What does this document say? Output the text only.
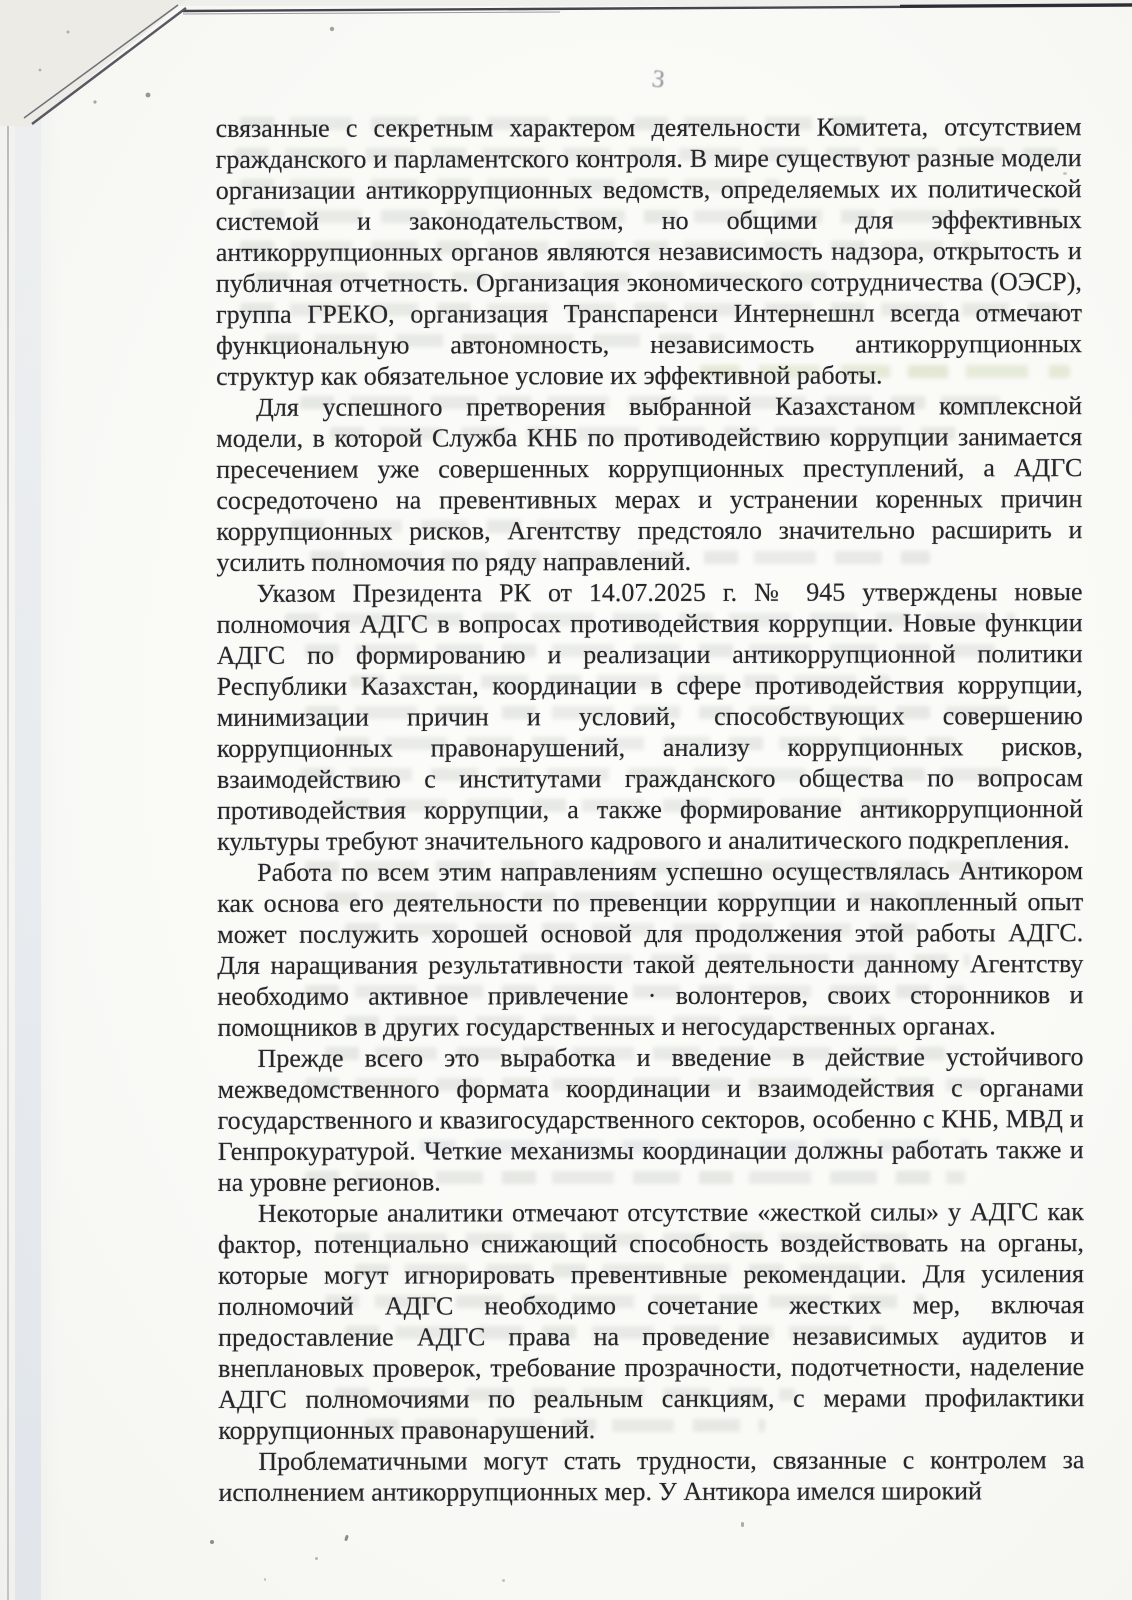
3

связанные с секретным характером деятельности Комитета, отсутствием гражданского и парламентского контроля. В мире существуют разные модели организации антикоррупционных ведомств, определяемых их политической системой и законодательством, но общими для эффективных антикоррупционных органов являются независимость надзора, открытость и публичная отчетность. Организация экономического сотрудничества (ОЭСР), группа ГРЕКО, организация Транспаренси Интернешнл всегда отмечают функциональную автономность, независимость антикоррупционных структур как обязательное условие их эффективной работы.

Для успешного претворения выбранной Казахстаном комплексной модели, в которой Служба КНБ по противодействию коррупции занимается пресечением уже совершенных коррупционных преступлений, а АДГС сосредоточено на превентивных мерах и устранении коренных причин коррупционных рисков, Агентству предстояло значительно расширить и усилить полномочия по ряду направлений.

Указом Президента РК от 14.07.2025 г. № 945 утверждены новые полномочия АДГС в вопросах противодействия коррупции. Новые функции АДГС по формированию и реализации антикоррупционной политики Республики Казахстан, координации в сфере противодействия коррупции, минимизации причин и условий, способствующих совершению коррупционных правонарушений, анализу коррупционных рисков, взаимодействию с институтами гражданского общества по вопросам противодействия коррупции, а также формирование антикоррупционной культуры требуют значительного кадрового и аналитического подкрепления.

Работа по всем этим направлениям успешно осуществлялась Антикором как основа его деятельности по превенции коррупции и накопленный опыт может послужить хорошей основой для продолжения этой работы АДГС. Для наращивания результативности такой деятельности данному Агентству необходимо активное привлечение · волонтеров, своих сторонников и помощников в других государственных и негосударственных органах.

Прежде всего это выработка и введение в действие устойчивого межведомственного формата координации и взаимодействия с органами государственного и квазигосударственного секторов, особенно с КНБ, МВД и Генпрокуратурой. Четкие механизмы координации должны работать также и на уровне регионов.

Некоторые аналитики отмечают отсутствие «жесткой силы» у АДГС как фактор, потенциально снижающий способность воздействовать на органы, которые могут игнорировать превентивные рекомендации. Для усиления полномочий АДГС необходимо сочетание жестких мер, включая предоставление АДГС права на проведение независимых аудитов и внеплановых проверок, требование прозрачности, подотчетности, наделение АДГС полномочиями по реальным санкциям, с мерами профилактики коррупционных правонарушений.

Проблематичными могут стать трудности, связанные с контролем за исполнением антикоррупционных мер. У Антикора имелся широкий
